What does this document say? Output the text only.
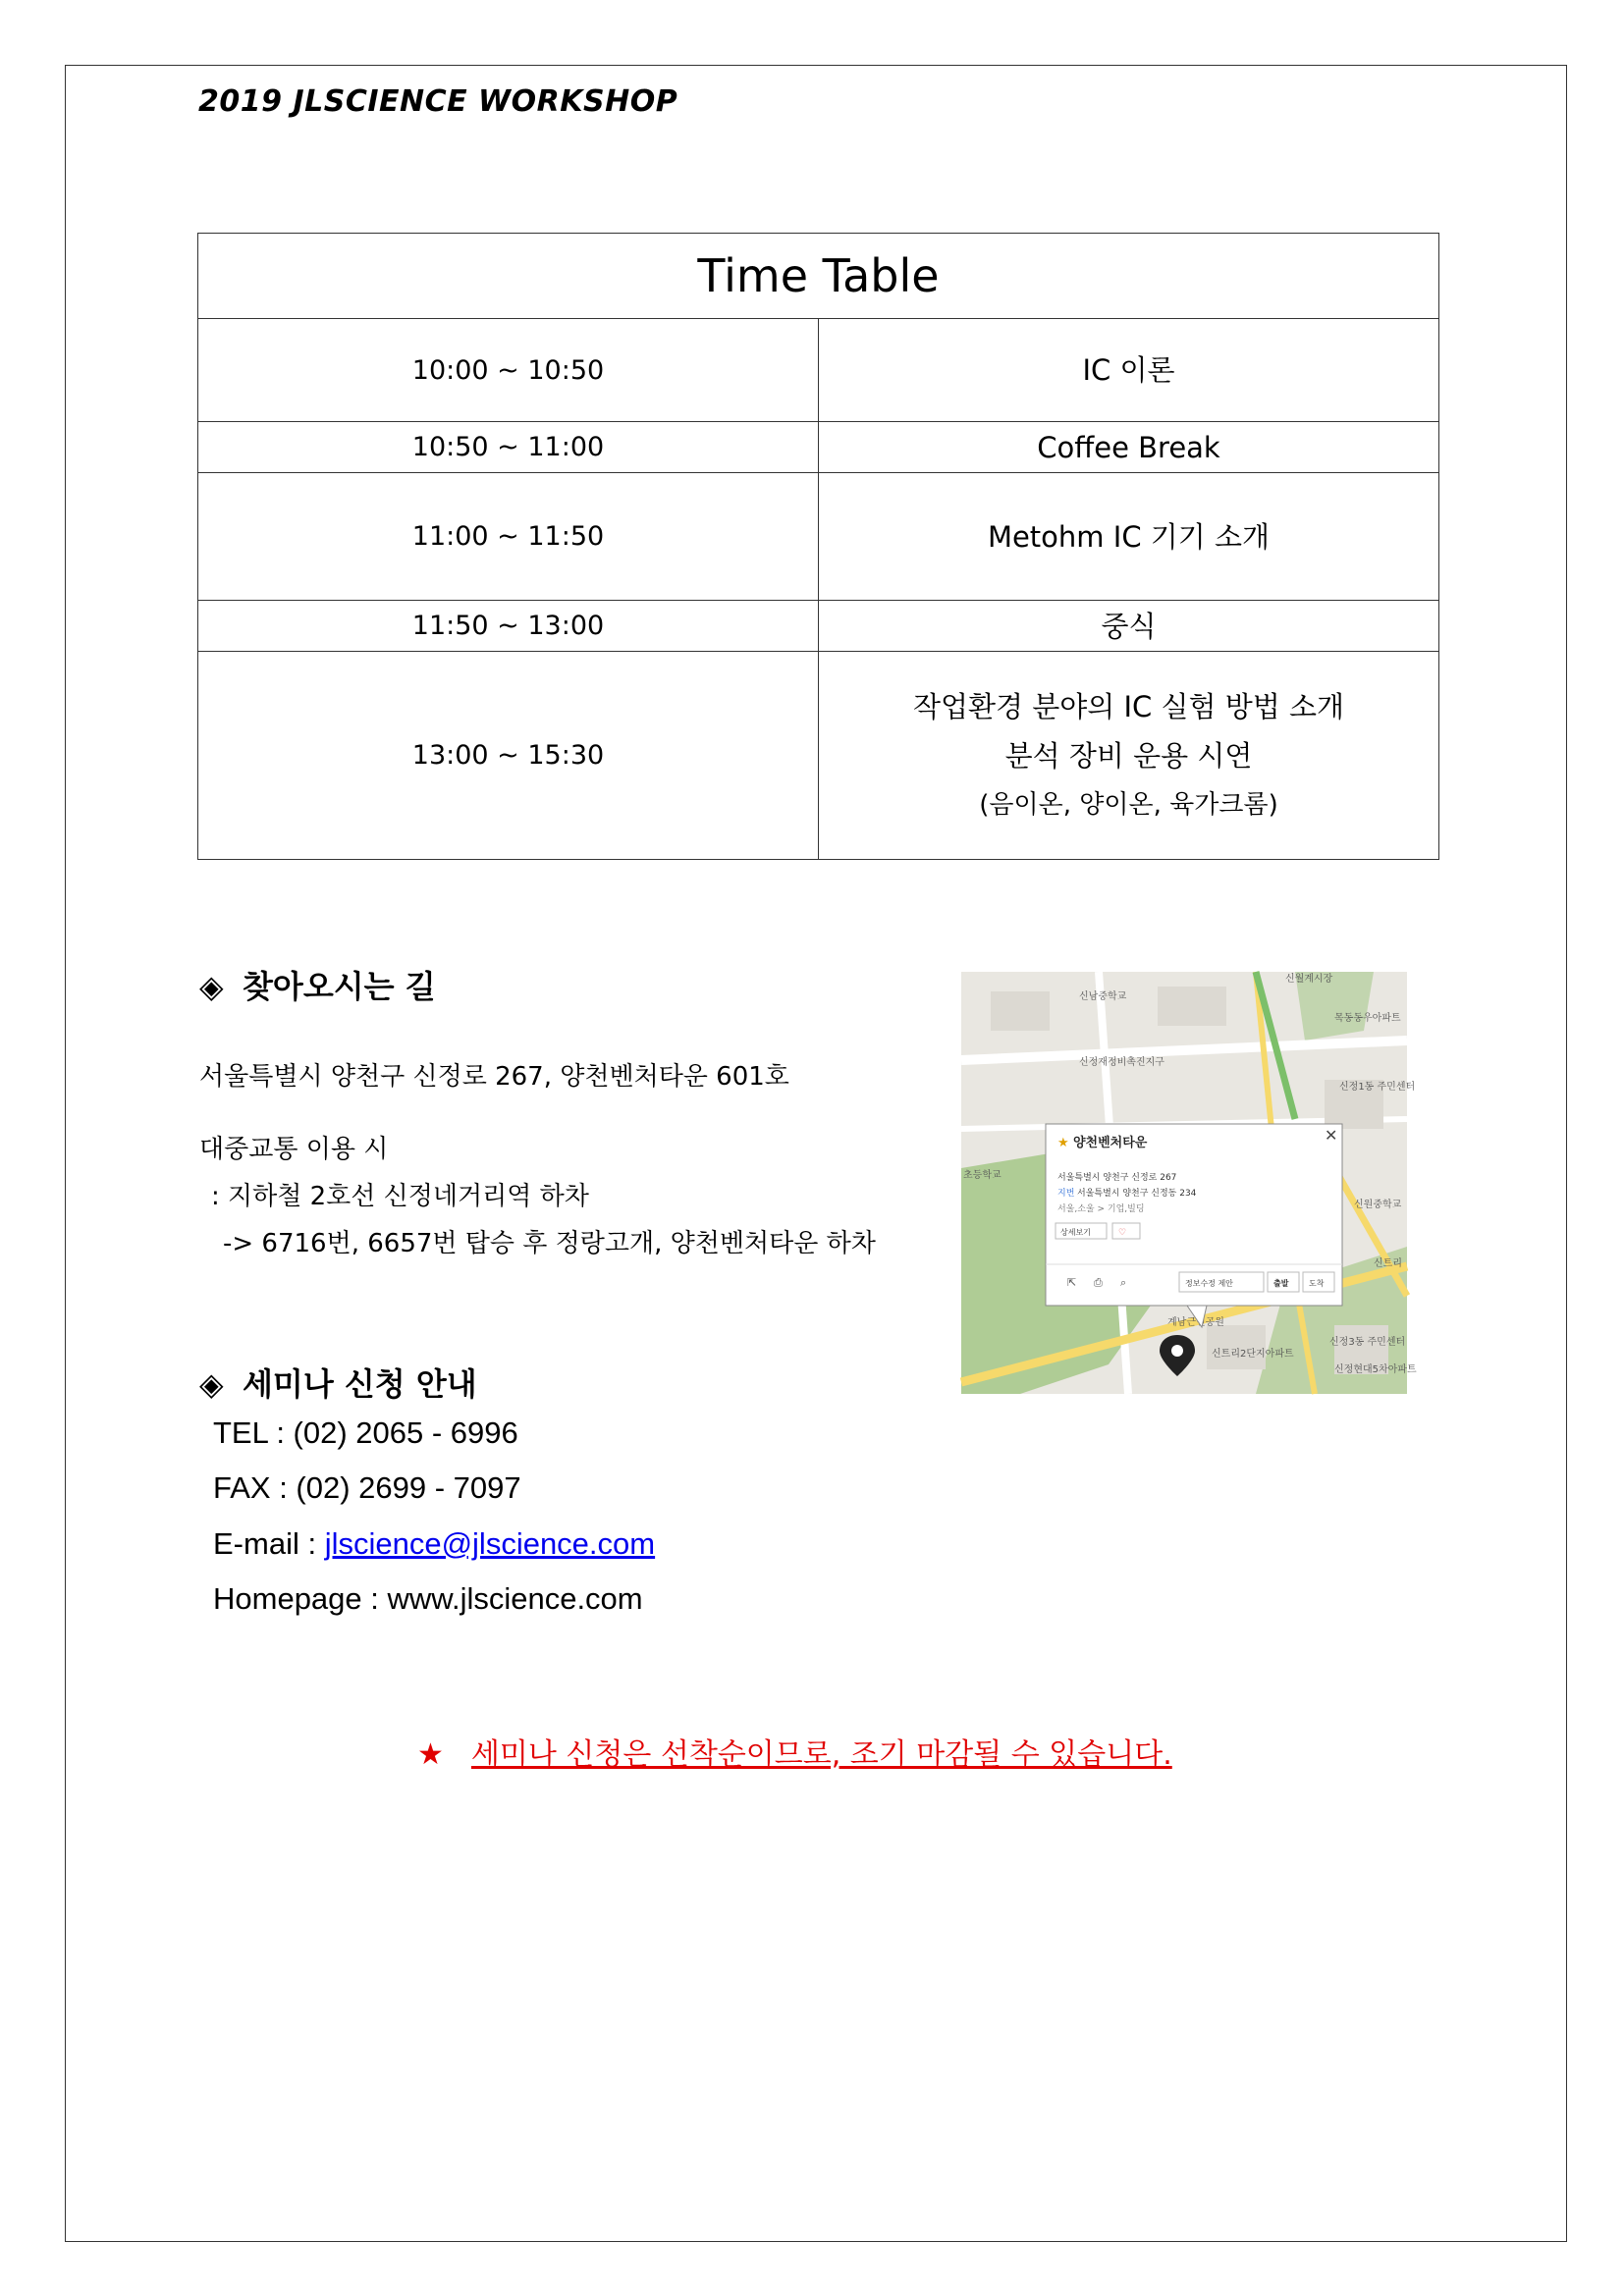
2019 JLSCIENCE WORKSHOP
Time Table	
10:00 ~ 10:50	IC 이론

10:50 ~ 11:00	Coffee Break

11:00 ~ 11:50	Metohm IC 기기 소개

11:50 ~ 13:00	중식

13:00 ~ 15:30	작업환경 분야의 IC 실험 방법 소개
분석 장비 운용 시연
(음이온, 양이온, 육가크롬)
◈ 찾아오시는 길
서울특별시 양천구 신정로 267, 양천벤처타운 601호
대중교통 이용 시
: 지하철 2호선 신정네거리역 하차
-> 6716번, 6657번 탑승 후 정랑고개, 양천벤처타운 하차
신남중학교
신월계시장
신정재정비촉진지구
신정1동 주민센터
목동동우아파트
초등학교
신트리
신원중학교
신정3동 주민센터
신트리2단지아파트
계남근린공원
신정현대5차아파트
★ 양천벤처타운	✕
서울특별시 양천구 신정로 267
지번 서울특별시 양천구 신정동 234
서울,소울 > 기업,빌딩
상세보기	♡
⇱ ⎙ ⌕	정보수정 제안	출발	도착
◈ 세미나 신청 안내
TEL : (02) 2065 - 6996
FAX : (02) 2699 - 7097
E-mail : jlscience@jlscience.com
Homepage : www.jlscience.com
★ 세미나 신청은 선착순이므로, 조기 마감될 수 있습니다.
